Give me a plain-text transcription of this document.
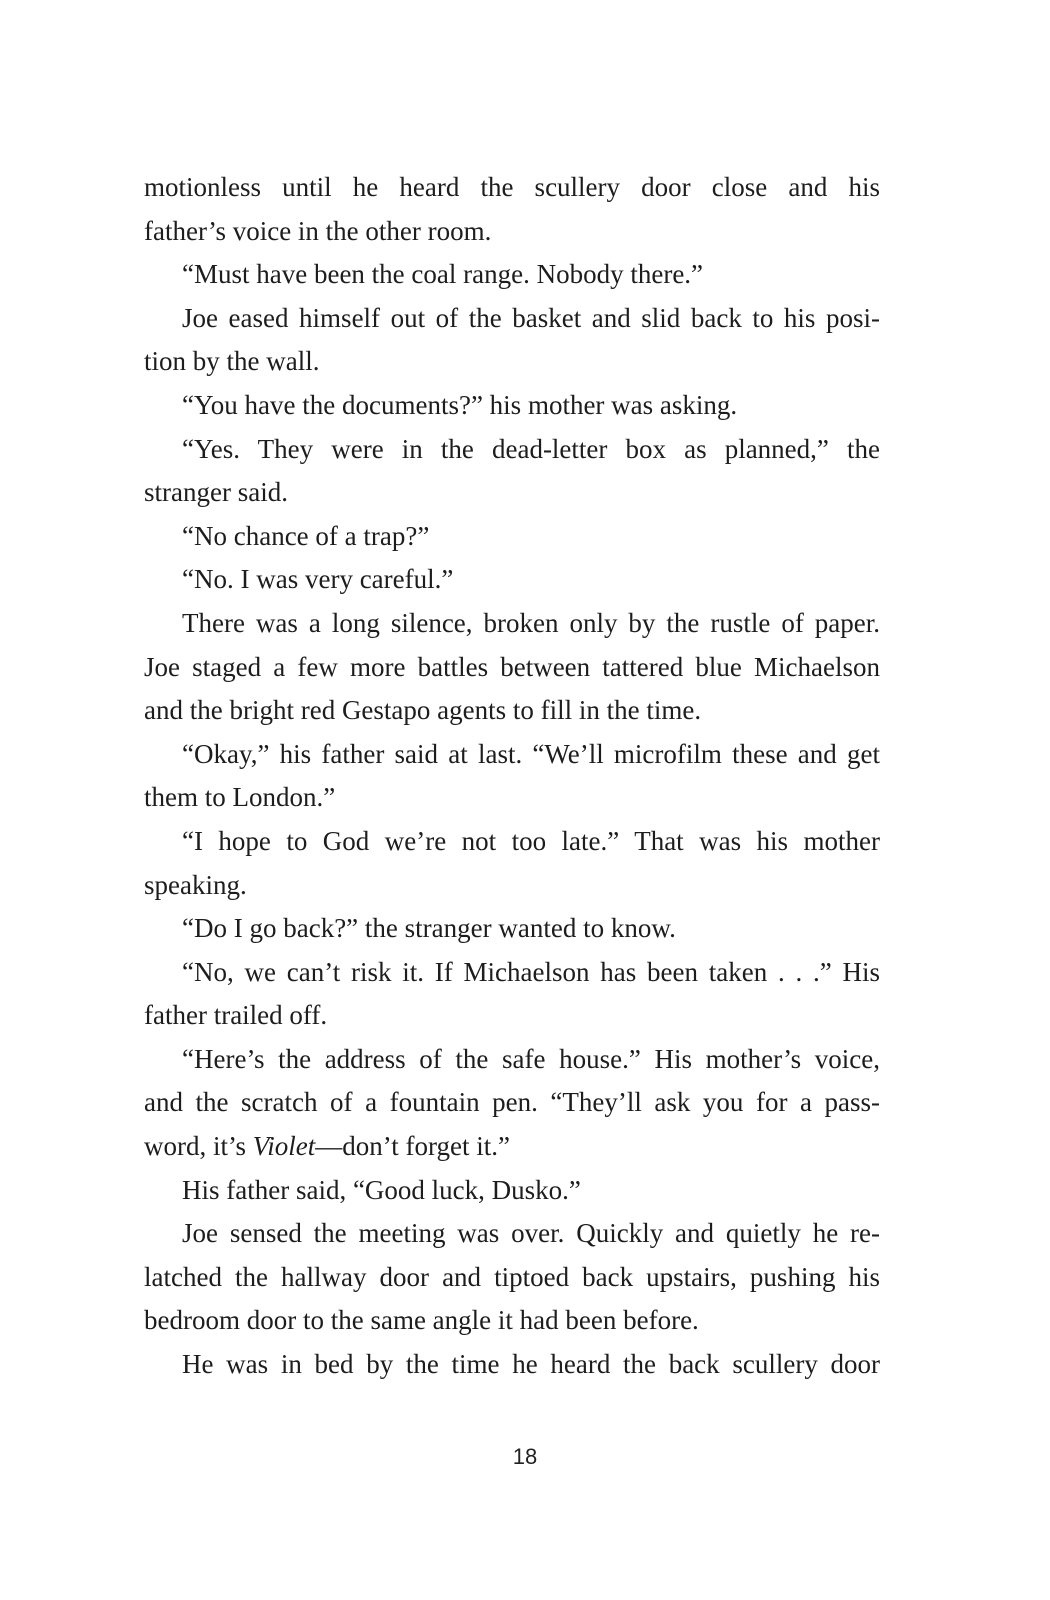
motionless until he heard the scullery door close and his
father’s voice in the other room.
“Must have been the coal range. Nobody there.”
Joe eased himself out of the basket and slid back to his posi-
tion by the wall.
“You have the documents?” his mother was asking.
“Yes. They were in the dead-letter box as planned,” the
stranger said.
“No chance of a trap?”
“No. I was very careful.”
There was a long silence, broken only by the rustle of paper.
Joe staged a few more battles between tattered blue Michaelson
and the bright red Gestapo agents to fill in the time.
“Okay,” his father said at last. “We’ll microfilm these and get
them to London.”
“I hope to God we’re not too late.” That was his mother
speaking.
“Do I go back?” the stranger wanted to know.
“No, we can’t risk it. If Michaelson has been taken . . .” His
father trailed off.
“Here’s the address of the safe house.” His mother’s voice,
and the scratch of a fountain pen. “They’ll ask you for a pass-
word, it’s Violet—don’t forget it.”
His father said, “Good luck, Dusko.”
Joe sensed the meeting was over. Quickly and quietly he re-
latched the hallway door and tiptoed back upstairs, pushing his
bedroom door to the same angle it had been before.
He was in bed by the time he heard the back scullery door
18
